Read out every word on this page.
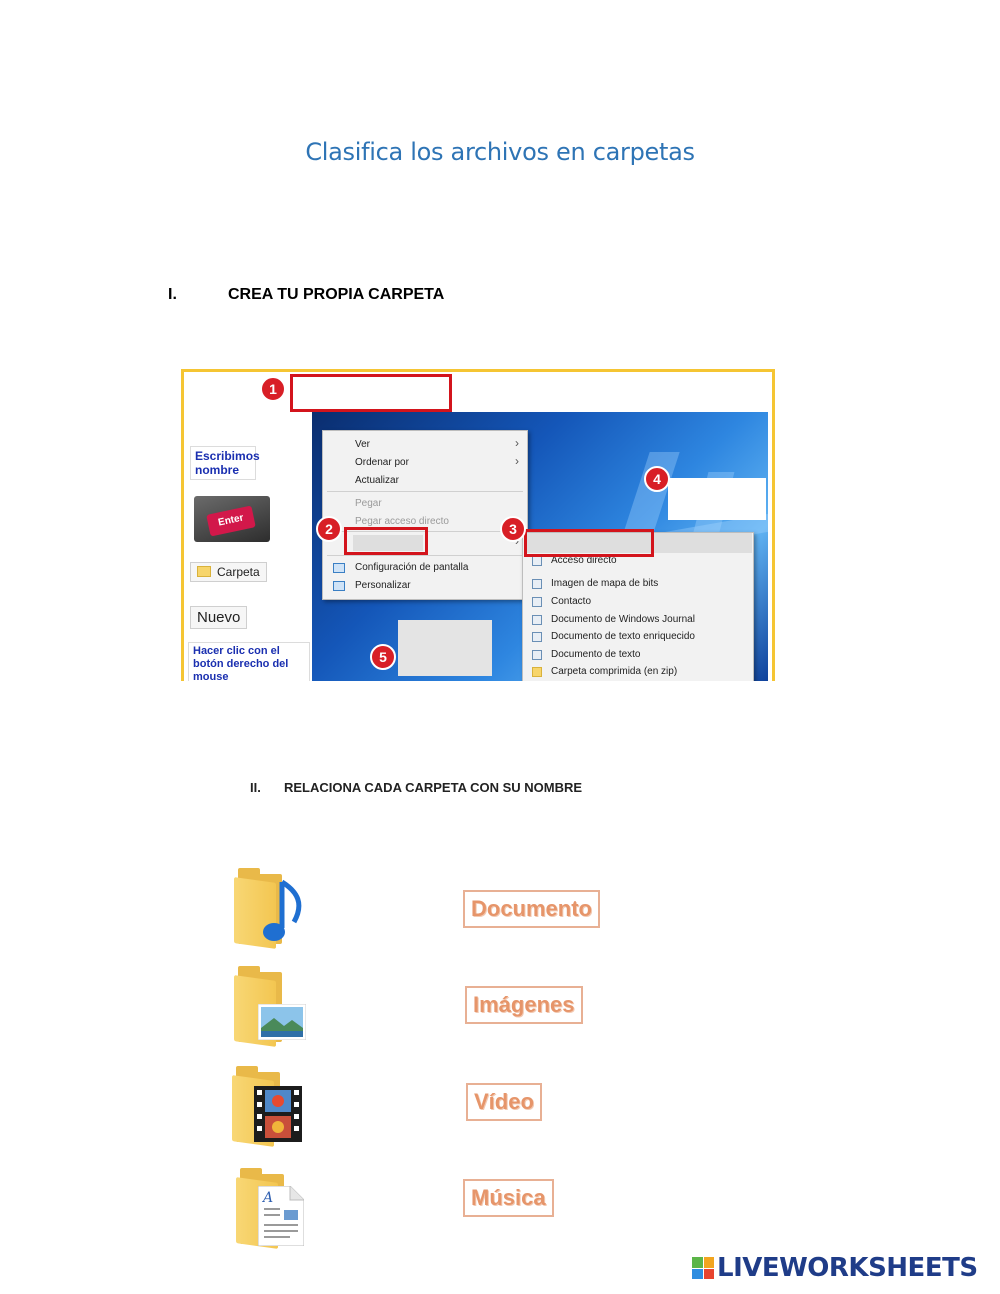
Clasifica los archivos en carpetas
I.	CREA TU PROPIA CARPETA
Escribimos nombre
Enter
Carpeta
Nuevo
Hacer clic con el botón derecho del mouse
Ver	›
Ordenar por	›
Actualizar
Pegar
Pegar acceso directo
Configuración de pantalla
Personalizar
Acceso directo
Imagen de mapa de bits
Contacto
Documento de Windows Journal
Documento de texto enriquecido
Documento de texto
Carpeta comprimida (en zip)
1
2	3
4
5
II. RELACIONA CADA CARPETA CON SU NOMBRE
A
Documento
Imágenes
Vídeo
Música
LIVEWORKSHEETS
